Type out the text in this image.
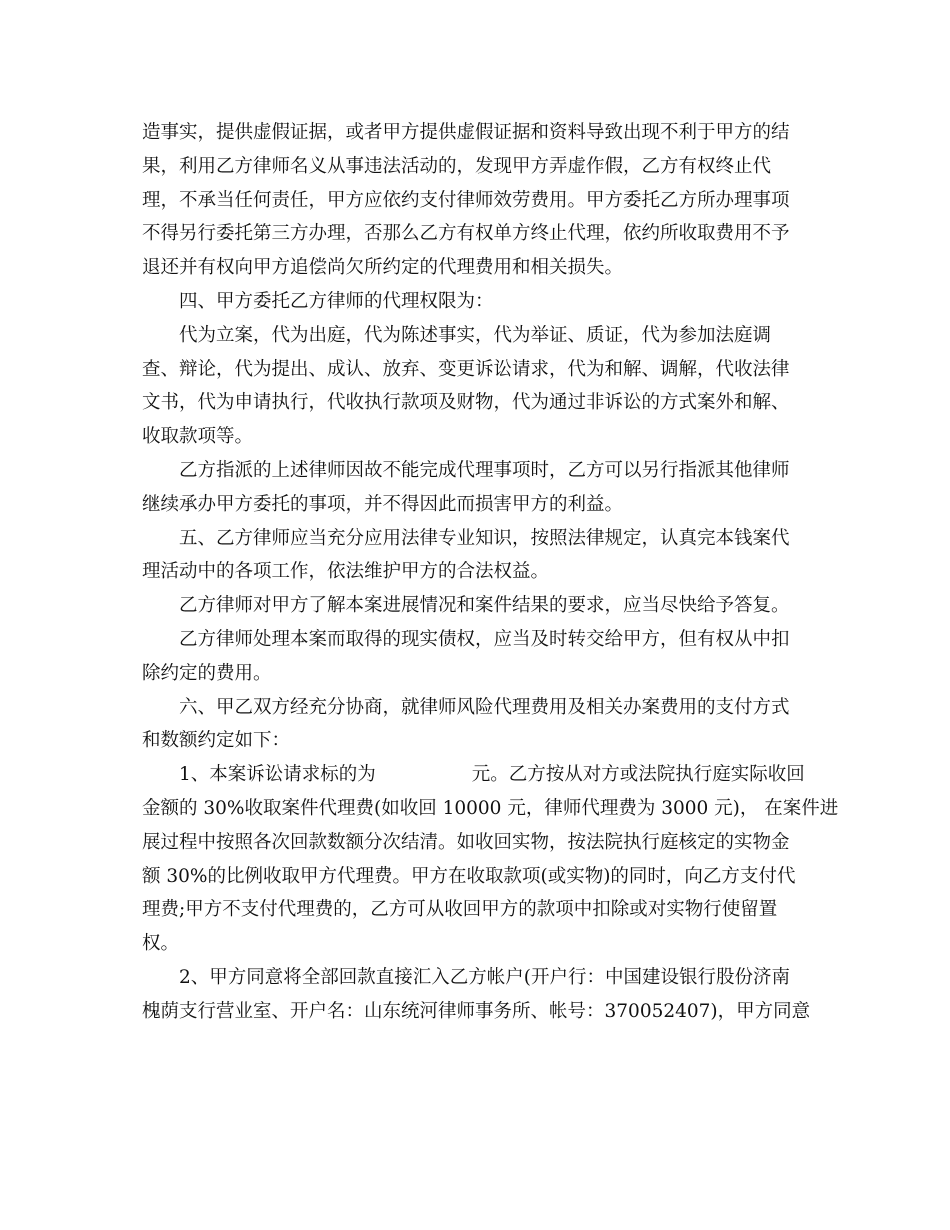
造事实，提供虚假证据，或者甲方提供虚假证据和资料导致出现不利于甲方的结
果，利用乙方律师名义从事违法活动的，发现甲方弄虚作假，乙方有权终止代
理，不承当任何责任，甲方应依约支付律师效劳费用。甲方委托乙方所办理事项
不得另行委托第三方办理，否那么乙方有权单方终止代理，依约所收取费用不予
退还并有权向甲方追偿尚欠所约定的代理费用和相关损失。
四、甲方委托乙方律师的代理权限为：
代为立案，代为出庭，代为陈述事实，代为举证、质证，代为参加法庭调
查、辩论，代为提出、成认、放弃、变更诉讼请求，代为和解、调解，代收法律
文书，代为申请执行，代收执行款项及财物，代为通过非诉讼的方式案外和解、
收取款项等。
乙方指派的上述律师因故不能完成代理事项时，乙方可以另行指派其他律师
继续承办甲方委托的事项，并不得因此而损害甲方的利益。
五、乙方律师应当充分应用法律专业知识，按照法律规定，认真完本钱案代
理活动中的各项工作，依法维护甲方的合法权益。
乙方律师对甲方了解本案进展情况和案件结果的要求，应当尽快给予答复。
乙方律师处理本案而取得的现实债权，应当及时转交给甲方，但有权从中扣
除约定的费用。
六、甲乙双方经充分协商，就律师风险代理费用及相关办案费用的支付方式
和数额约定如下：
1、本案诉讼请求标的为	元。乙方按从对方或法院执行庭实际收回
金额的 30%收取案件代理费(如收回 10000 元，律师代理费为 3000 元)， 在案件进
展过程中按照各次回款数额分次结清。如收回实物，按法院执行庭核定的实物金
额 30%的比例收取甲方代理费。甲方在收取款项(或实物)的同时，向乙方支付代
理费;甲方不支付代理费的，乙方可从收回甲方的款项中扣除或对实物行使留置
权。
2、甲方同意将全部回款直接汇入乙方帐户(开户行：中国建设银行股份济南
槐荫支行营业室、开户名：山东统河律师事务所、帐号：370052407)，甲方同意
